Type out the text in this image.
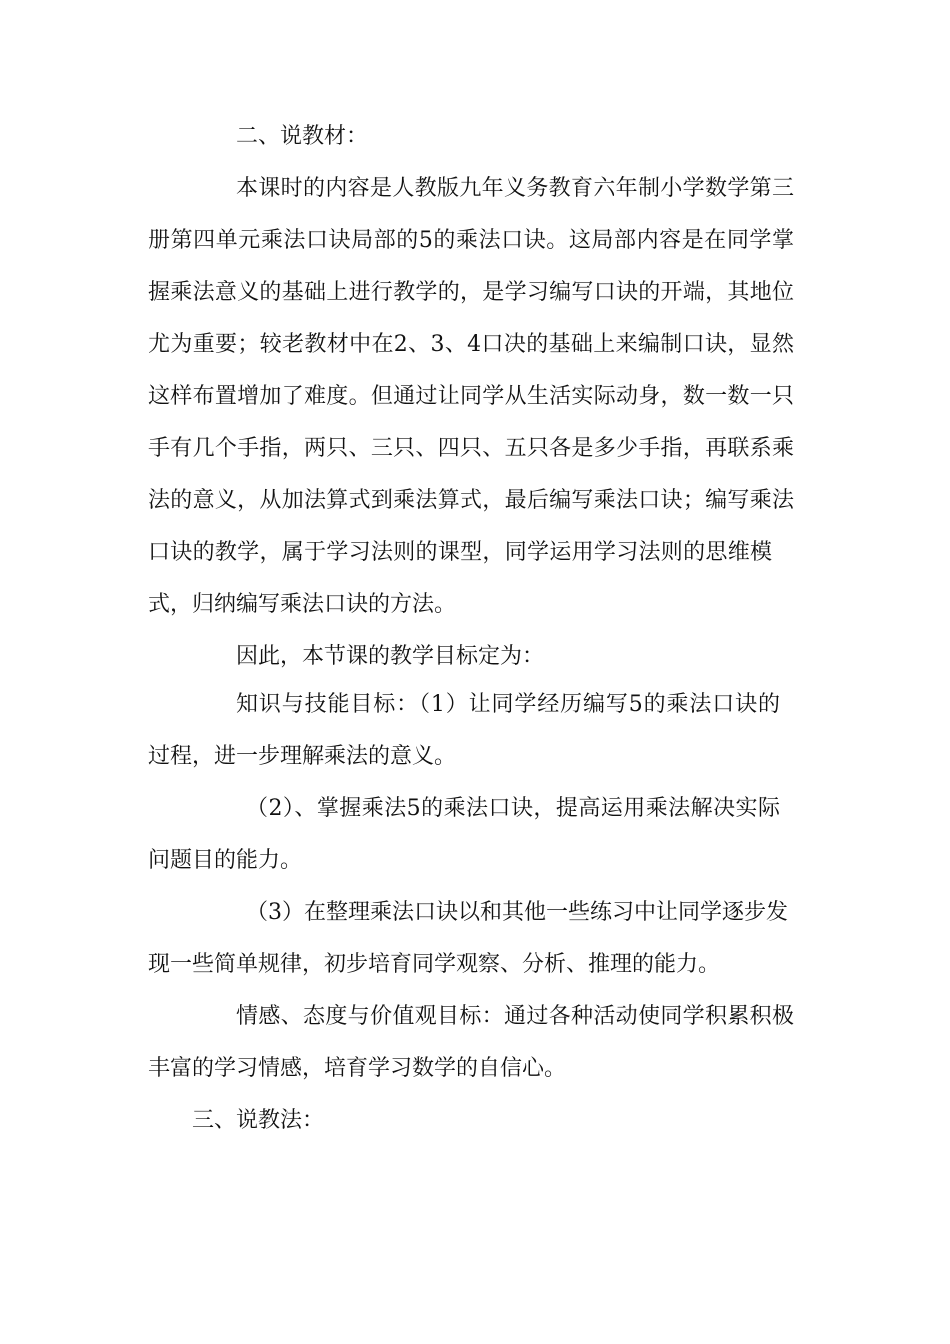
二、说教材：
本课时的内容是人教版九年义务教育六年制小学数学第三
册第四单元乘法口诀局部的5的乘法口诀。这局部内容是在同学掌
握乘法意义的基础上进行教学的，是学习编写口诀的开端，其地位
尤为重要；较老教材中在2、3、4口决的基础上来编制口诀，显然
这样布置增加了难度。但通过让同学从生活实际动身，数一数一只
手有几个手指，两只、三只、四只、五只各是多少手指，再联系乘
法的意义，从加法算式到乘法算式，最后编写乘法口诀；编写乘法
口诀的教学，属于学习法则的课型，同学运用学习法则的思维模
式，归纳编写乘法口诀的方法。
因此，本节课的教学目标定为：
知识与技能目标：（1）让同学经历编写5的乘法口诀的
过程，进一步理解乘法的意义。
（2）、掌握乘法5的乘法口诀，提高运用乘法解决实际
问题目的能力。
（3）在整理乘法口诀以和其他一些练习中让同学逐步发
现一些简单规律，初步培育同学观察、分析、推理的能力。
情感、态度与价值观目标：通过各种活动使同学积累积极
丰富的学习情感，培育学习数学的自信心。
三、说教法：
